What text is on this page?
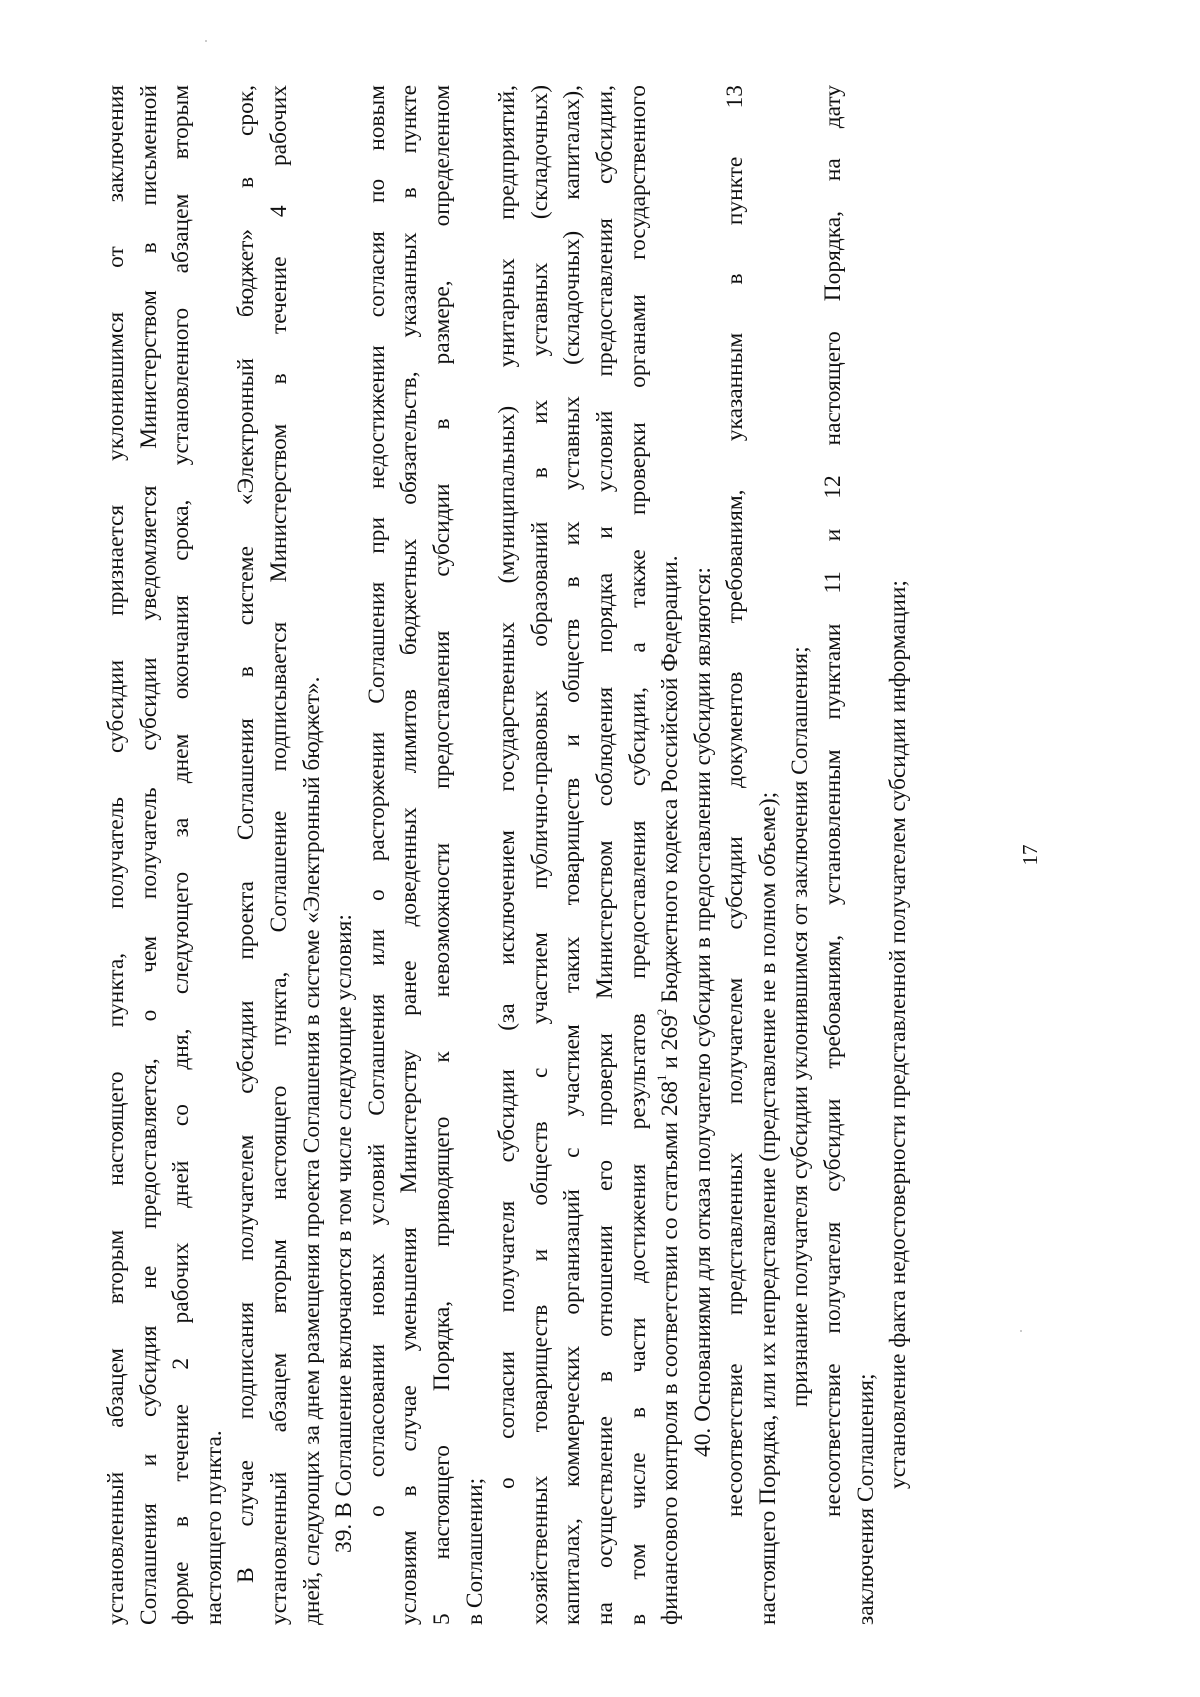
17
установленный абзацем вторым настоящего пункта, получатель субсидии признается уклонившимся от заключения Соглашения и субсидия не предоставляется, о чем получатель субсидии уведомляется Министерством в письменной форме в течение 2 рабочих дней со дня, следующего за днем окончания срока, установленного абзацем вторым настоящего пункта. В случае подписания получателем субсидии проекта Соглашения в системе «Электронный бюджет» в срок, установленный абзацем вторым настоящего пункта, Соглашение подписывается Министерством в течение 4 рабочих дней, следующих за днем размещения проекта Соглашения в системе «Электронный бюджет». 39. В Соглашение включаются в том числе следующие условия: о согласовании новых условий Соглашения или о расторжении Соглашения при недостижении согласия по новым условиям в случае уменьшения Министерству ранее доведенных лимитов бюджетных обязательств, указанных в пункте 5 настоящего Порядка, приводящего к невозможности предоставления субсидии в размере, определенном в Соглашении;
о согласии получателя субсидии (за исключением государственных (муниципальных) унитарных предприятий, хозяйственных товариществ и обществ с участием публично-правовых образований в их уставных (складочных) капиталах, коммерческих организаций с участием таких товариществ и обществ в их уставных (складочных) капиталах), на осуществление в отношении его проверки Министерством соблюдения порядка и условий предоставления субсидии, в том числе в части достижения результатов предоставления субсидии, а также проверки органами государственного финансового контроля в соответствии со статьями $268^1$ и $269^2$ Бюджетного кодекса Российской Федерации. 40. Основаниями для отказа получателю субсидии в предоставлении субсидии являются: несоответствие представленных получателем субсидии документов требованиям, указанным в пункте 13 настоящего Порядка, или их непредставление (представление не в полном объеме); признание получателя субсидии уклонившимся от заключения Соглашения; несоответствие получателя субсидии требованиям, установленным пунктами 11 и 12 настоящего Порядка, на дату заключения Соглашения;
установление факта недостоверности представленной получателем субсидии информации;
